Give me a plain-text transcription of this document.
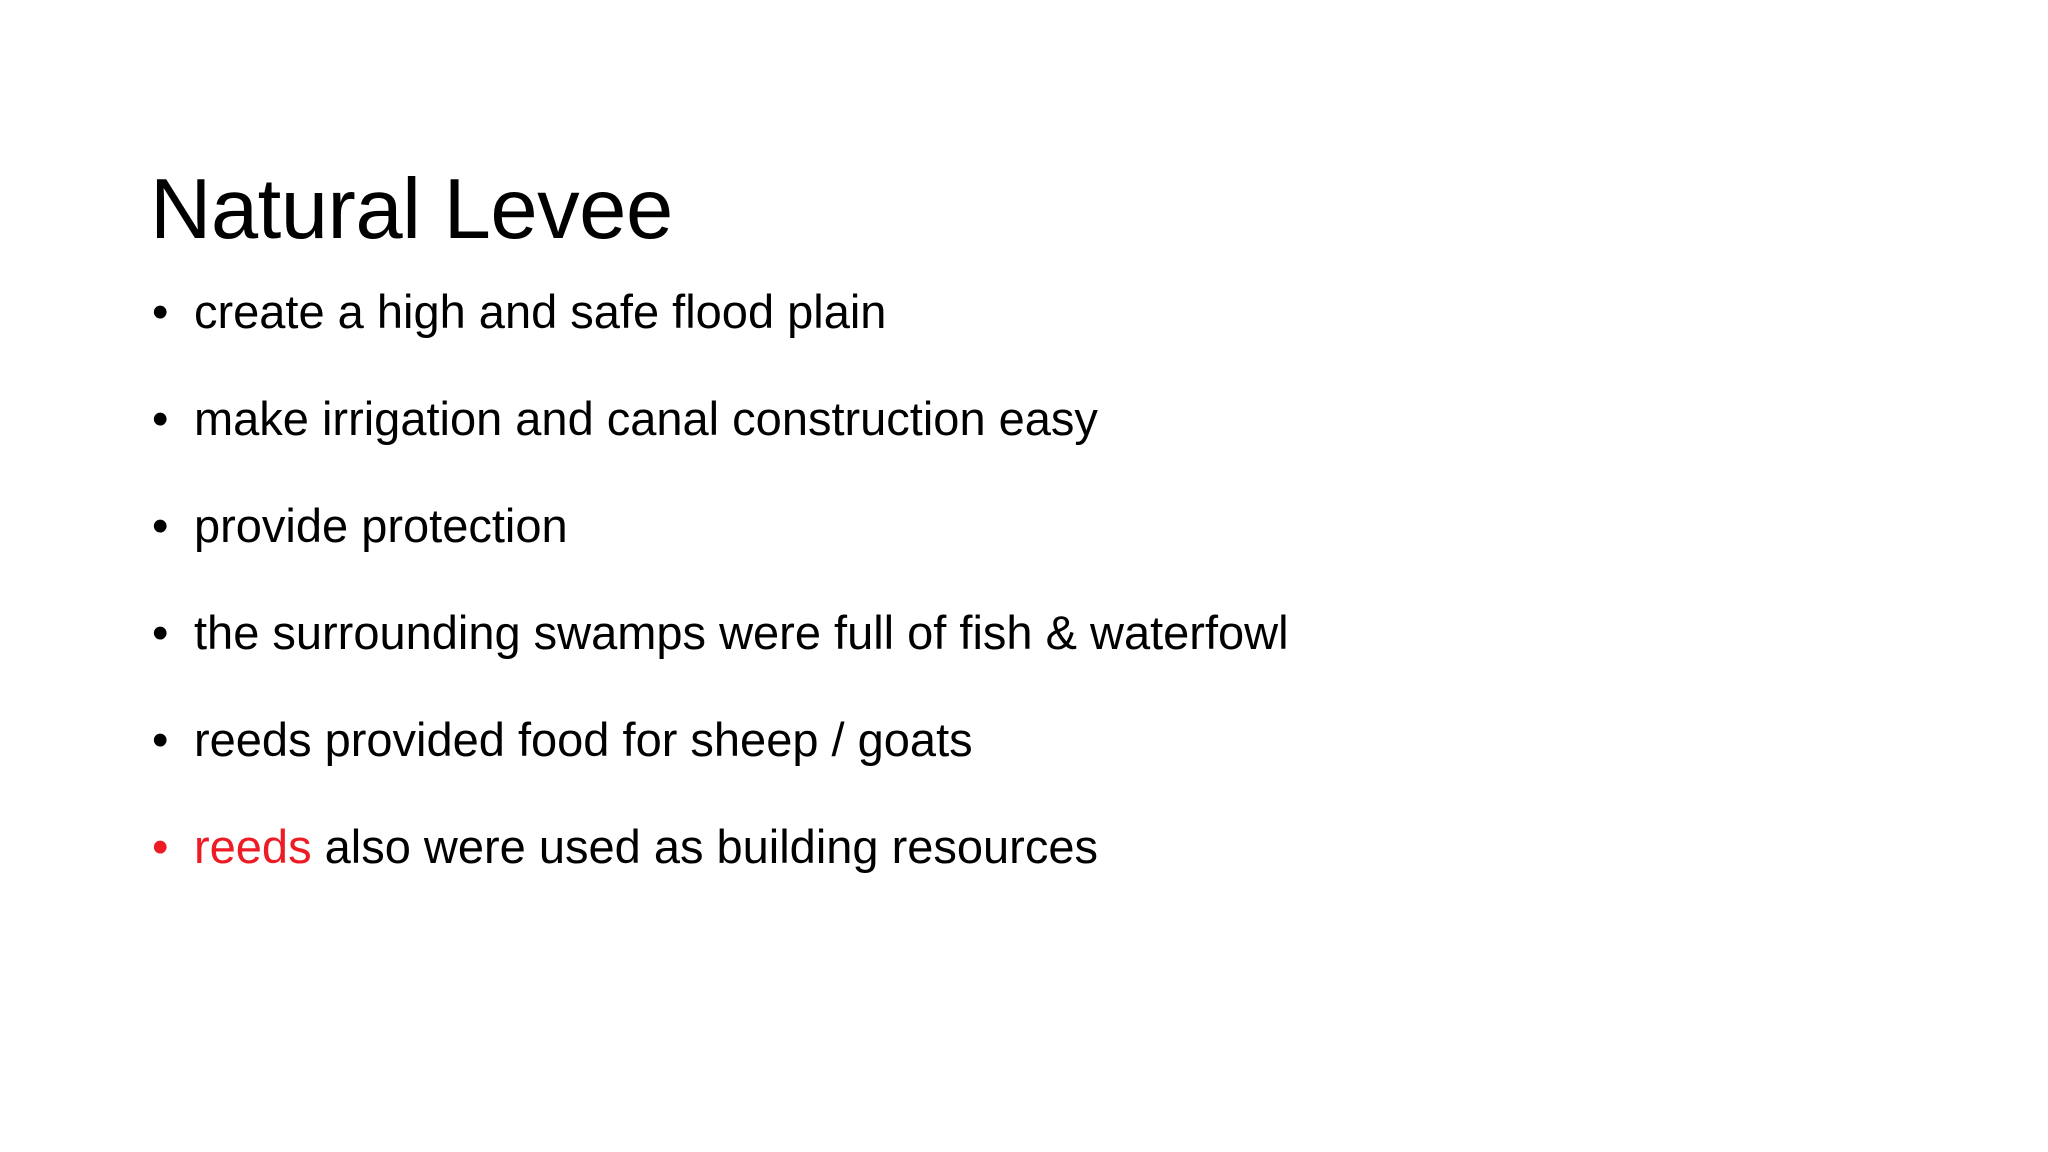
Natural Levee
• create a high and safe flood plain
• make irrigation and canal construction easy
• provide protection
• the surrounding swamps were full of fish & waterfowl
• reeds provided food for sheep / goats
• reeds also were used as building resources
